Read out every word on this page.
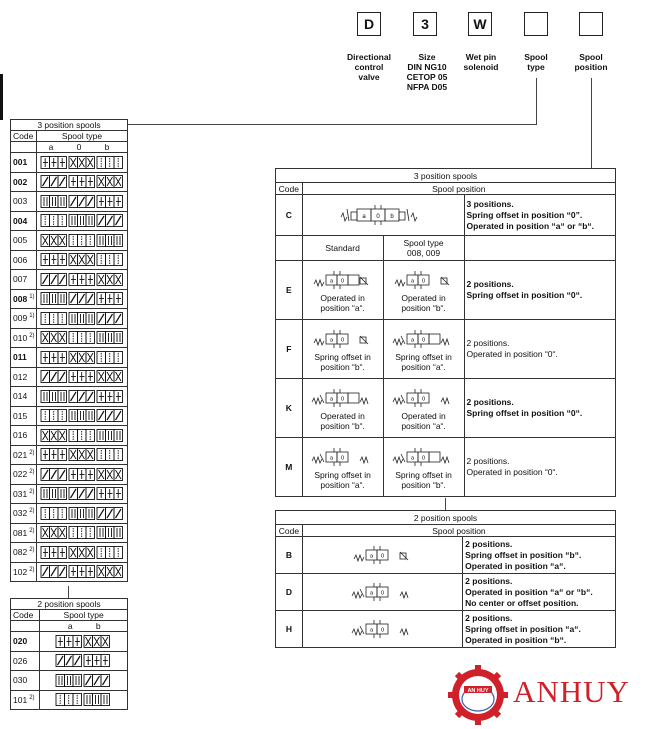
D	3	W
Directional
control
valve
Size
DIN NG10
CETOP 05
NFPA D05
Wet pin
solenoid
Spool
type
Spool
position
3 position spools	
Code	Spool type
	a 0 b
001	

002	

003	

004	

005	

006	

007	

008 $^{1)}$	

009 $^{1)}$	

010 $^{2)}$	

011	

012	

014	

015	

016	

021 $^{2)}$	

022 $^{2)}$	

031 $^{2)}$	

032 $^{2)}$	

081 $^{2)}$	

082 $^{2)}$	

102 $^{2)}$	
2 position spools	
Code	Spool type
	a b
020	

026	

030	

101 $^{2)}$	
3 position spools			
Code	Spool position		
C	a 0 b		3 positions.
Spring offset in position “0”.
Operated in position “a“ or “b“.
	Standard	Spool type
008, 009	
E	a 0
Operated in
position “a“.	a 0
Operated in
position “b“.	2 positions.
Spring offset in position “0“.
F	a 0
Spring offset in
position “b“.	a 0
Spring offset in
position “a“.	2 positions.
Operated in position “0“.
K	a 0
Operated in
position “b“.	a 0
Operated in
position “a“.	2 positions.
Spring offset in position “0“.
M	a 0
Spring offset in
position “a“.	a 0
Spring offset in
position “b“.	2 positions.
Operated in position “0“.
2 position spools		
Code	Spool position	
B	a 0	2 positions.
Spring offset in position “b“.
Operated in position “a“.
D	a 0	2 positions.
Operated in position “a“ or “b“.
No center or offset position.
H	a 0	2 positions.
Spring offset in position “a“.
Operated in position “b“.
AN HUY ANHUY
